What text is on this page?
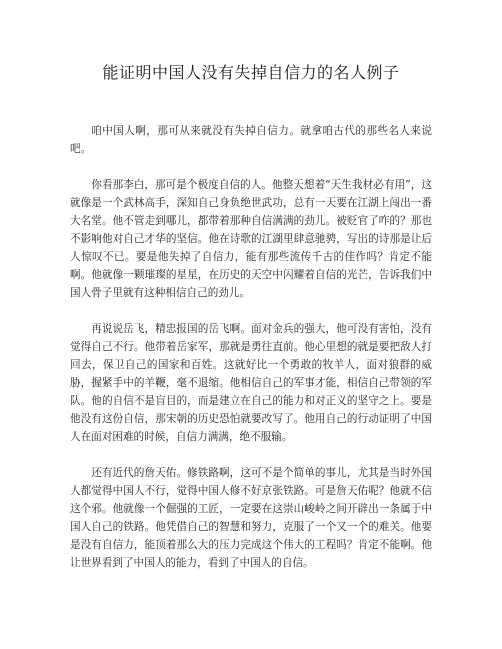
能证明中国人没有失掉自信力的名人例子

咱中国人啊，那可从来就没有失掉自信力。就拿咱古代的那些名人来说吧。

你看那李白，那可是个极度自信的人。他整天想着“天生我材必有用”，这就像是一个武林高手，深知自己身负绝世武功，总有一天要在江湖上闯出一番大名堂。他不管走到哪儿，都带着那种自信满满的劲儿。被贬官了咋的？那也不影响他对自己才华的坚信。他在诗歌的江湖里肆意驰骋，写出的诗那是让后人惊叹不已。要是他失掉了自信力，能有那些流传千古的佳作吗？肯定不能啊。他就像一颗璀璨的星星，在历史的天空中闪耀着自信的光芒，告诉我们中国人骨子里就有这种相信自己的劲儿。

再说说岳飞，精忠报国的岳飞啊。面对金兵的强大，他可没有害怕，没有觉得自己不行。他带着岳家军，那就是勇往直前。他心里想的就是要把敌人打回去，保卫自己的国家和百姓。这就好比一个勇敢的牧羊人，面对狼群的威胁，握紧手中的羊鞭，毫不退缩。他相信自己的军事才能，相信自己带领的军队。他的自信不是盲目的，而是建立在自己的能力和对正义的坚守之上。要是他没有这份自信，那宋朝的历史恐怕就要改写了。他用自己的行动证明了中国人在面对困难的时候，自信力满满，绝不服输。

还有近代的詹天佑。修铁路啊，这可不是个简单的事儿，尤其是当时外国人都觉得中国人不行，觉得中国人修不好京张铁路。可是詹天佑呢？他就不信这个邪。他就像一个倔强的工匠，一定要在这崇山峻岭之间开辟出一条属于中国人自己的铁路。他凭借自己的智慧和努力，克服了一个又一个的难关。他要是没有自信力，能顶着那么大的压力完成这个伟大的工程吗？肯定不能啊。他让世界看到了中国人的能力，看到了中国人的自信。
